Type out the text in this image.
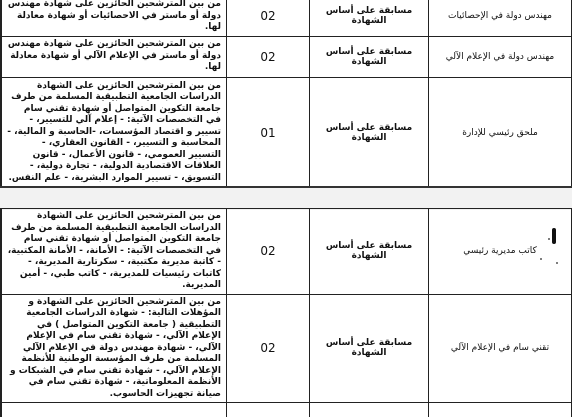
مهندس دولة في الإحصائيات	مسابقة على أساس الشهادة	02	من بين المترشحين الحائزين على شهادة مهندس دولة أو ماستر في الاحصائيات أو شهادة معادلة لها.	
مهندس دولة في الإعلام الآلي	مسابقة على أساس الشهادة	02	من بين المترشحين الحائزين على شهادة مهندس دولة أو ماستر في الإعلام الآلي أو شهادة معادلة لها.	
ملحق رئيسي للإدارة	مسابقة على أساس الشهادة	01	من بين المترشحين الحائزين على الشهادة الدراسات الجامعية التطبيقية المسلمة من طرف جامعة التكوين المتواصل أو شهادة تقني سام في التخصصات الآتية: - إعلام آلي للتسيير، - تسيير و اقتصاد المؤسسات، -الحاسبة و المالية، - المحاسبة و التسيير، - القانون العقاري، - التسيير العمومي، - قانون الأعمال، - قانون العلاقات الاقتصادية الدولية، - تجارة دولية، - التسويق، - تسيير الموارد البشرية، - علم النفس.	
كاتب مديرية رئيسي	مسابقة على أساس الشهادة	02	من بين المترشحين الحائزين على الشهادة الدراسات الجامعية التطبيقية المسلمة من طرف جامعة التكوين المتواصل أو شهادة تقني سام في التخصصات الآتية: - الأمانة، - الأمانة المكتبية، - كاتبة مديرية مكتبية، - سكرتارية المديرية، - كاتبات رئيسيات للمديرية، - كاتب طبي، - أمين المديرية.	
تقني سام في الإعلام الآلي	مسابقة على أساس الشهادة	02	من بين المترشحين الحائزين على الشهادة و المؤهلات التالية: - شهادة الدراسات الجامعية التطبيقية ( جامعة التكوين المتواصل ) في الإعلام الآلي، - شهادة تقني سام في الإعلام الآلي، - شهادة مهندس دولة في الإعلام الآلي المسلمة من طرف المؤسسة الوطنية للأنظمة الإعلام الآلي، - شهادة تقني سام في الشبكات و الأنظمة المعلوماتية، - شهادة تقني سام في صيانة تجهيزات الحاسوب.	
